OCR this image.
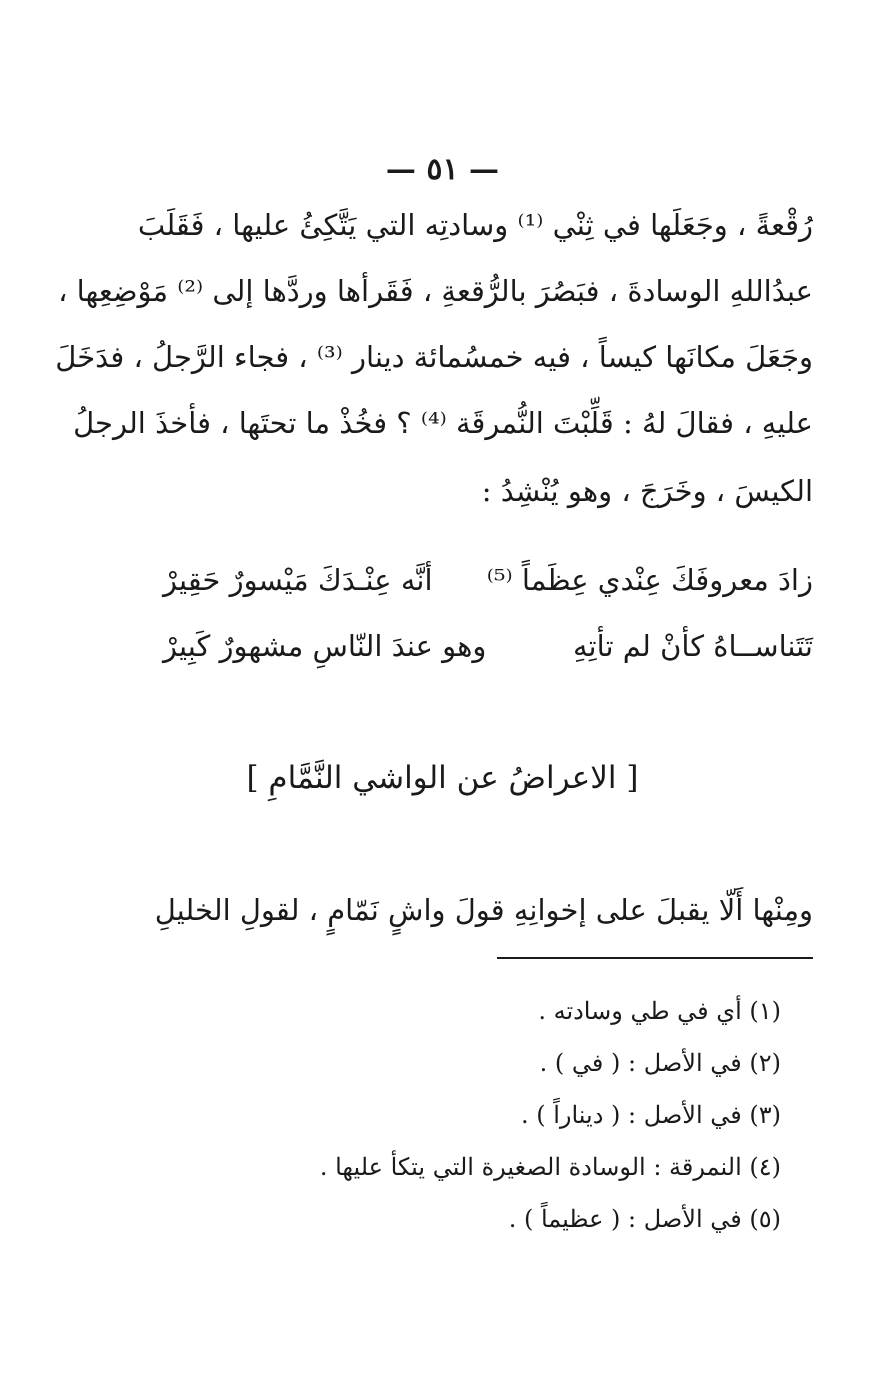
— ٥١ —
رُقْعةً ، وجَعَلَها في ثِنْي ⁽¹⁾ وسادتِه التي يَتَّكِئُ عليها ، فَقَلَبَ
عبدُاللهِ الوسادةَ ، فبَصُرَ بالرُّقعةِ ، فَقَرأها وردَّها إلى ⁽²⁾ مَوْضِعِها ،
وجَعَلَ مكانَها كيساً ، فيه خمسُمائة دينار ⁽³⁾ ، فجاء الرَّجلُ ، فدَخَلَ
عليهِ ، فقالَ لهُ : قَلِّبْتَ النُّمرقَة ⁽⁴⁾ ؟ فخُذْ ما تحتَها ، فأخذَ الرجلُ
الكيسَ ، وخَرَجَ ، وهو يُنْشِدُ :
زادَ معروفَكَ عِنْدي عِظَماً ⁽⁵⁾
أنَّه عِنْـدَكَ مَيْسورٌ حَقِيرْ
تَتَناســاهُ كأنْ لم تأتِهِ
وهو عندَ النّاسِ مشهورٌ كَبِيرْ
[ الاعراضُ عن الواشي النَّمَّامِ ]
ومِنْها أَلّا يقبلَ على إخوانِهِ قولَ واشٍ نَمّامٍ ، لقولِ الخليلِ
(١) أي في طي وسادته .
(٢) في الأصل : ( في ) .
(٣) في الأصل : ( ديناراً ) .
(٤) النمرقة : الوسادة الصغيرة التي يتكأ عليها .
(٥) في الأصل : ( عظيماً ) .
